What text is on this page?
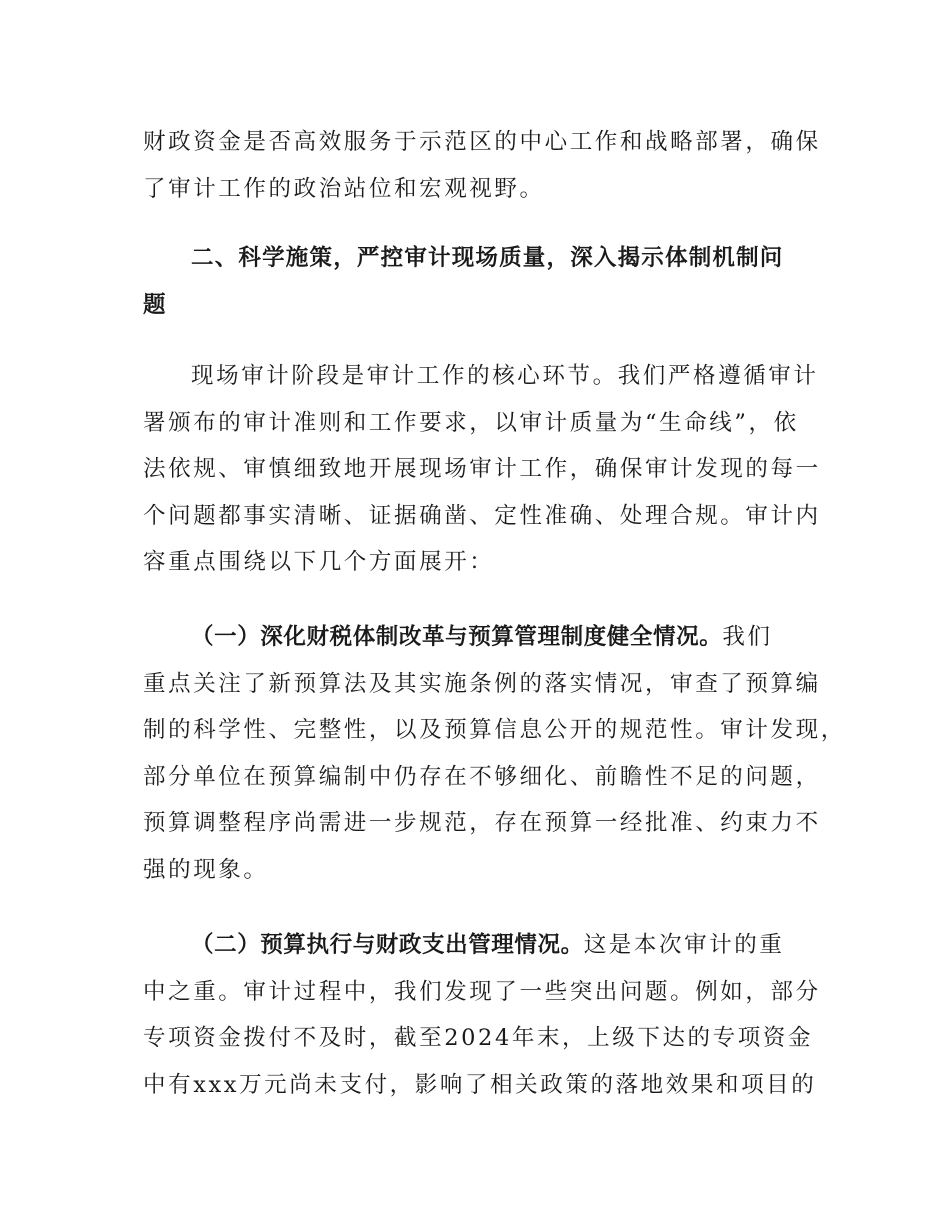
财政资金是否高效服务于示范区的中心工作和战略部署，确保
了审计工作的政治站位和宏观视野。

二、科学施策，严控审计现场质量，深入揭示体制机制问
题

现场审计阶段是审计工作的核心环节。我们严格遵循审计
署颁布的审计准则和工作要求，以审计质量为“生命线”，依
法依规、审慎细致地开展现场审计工作，确保审计发现的每一
个问题都事实清晰、证据确凿、定性准确、处理合规。审计内
容重点围绕以下几个方面展开：

（一）深化财税体制改革与预算管理制度健全情况。我们
重点关注了新预算法及其实施条例的落实情况，审查了预算编
制的科学性、完整性，以及预算信息公开的规范性。审计发现，
部分单位在预算编制中仍存在不够细化、前瞻性不足的问题，
预算调整程序尚需进一步规范，存在预算一经批准、约束力不
强的现象。

（二）预算执行与财政支出管理情况。这是本次审计的重
中之重。审计过程中，我们发现了一些突出问题。例如，部分
专项资金拨付不及时，截至2024年末，上级下达的专项资金
中有xxx万元尚未支付，影响了相关政策的落地效果和项目的
